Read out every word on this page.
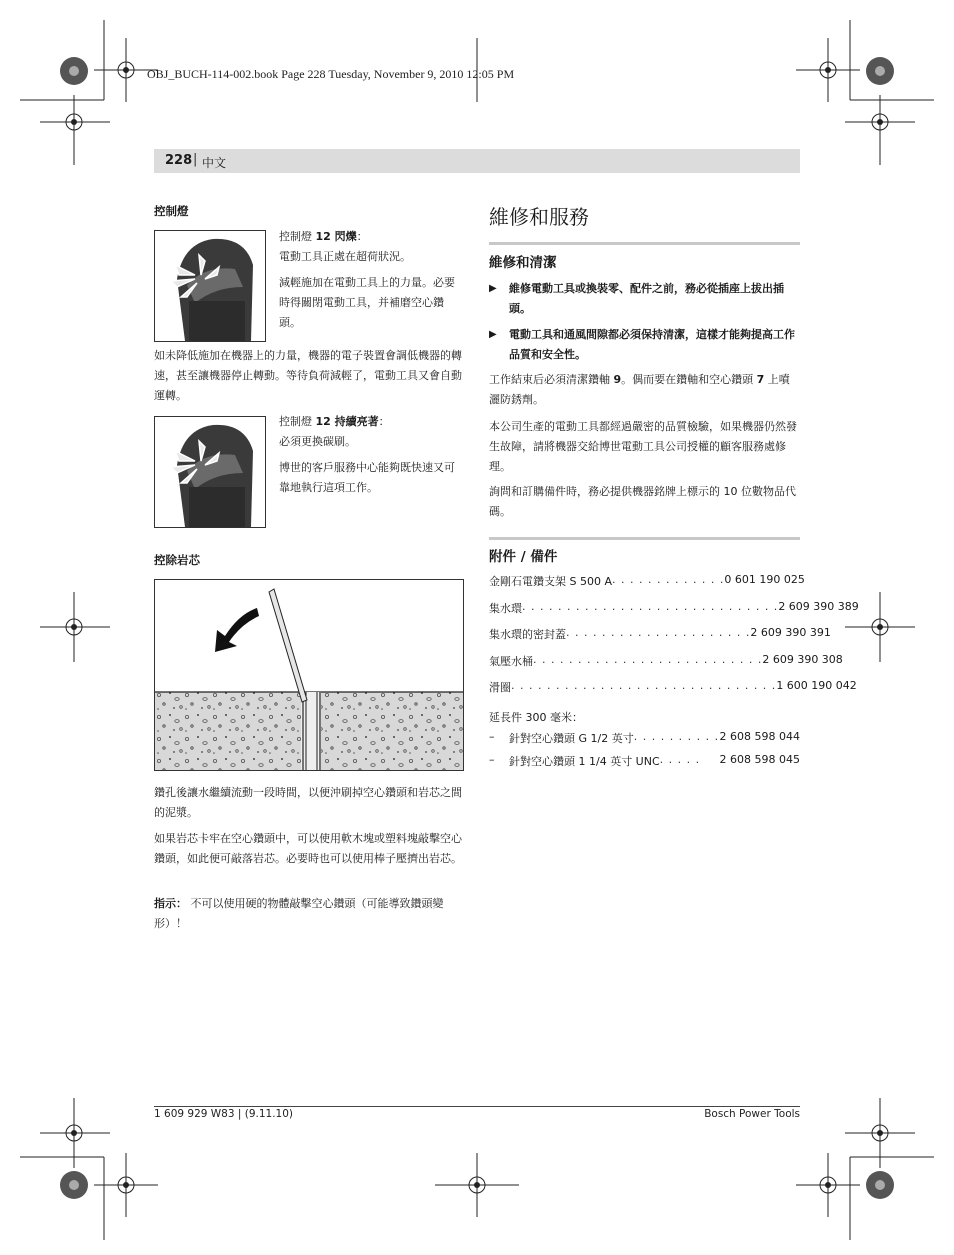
OBJ_BUCH-114-002.book Page 228 Tuesday, November 9, 2010 12:05 PM
228 | 中文
控制燈
控制燈 12 閃爍：
電動工具正處在超荷狀況。
減輕施加在電動工具上的力量。必要時得關閉電動工具，并補磨空心鑽頭。
如未降低施加在機器上的力量，機器的電子裝置會調低機器的轉速，甚至讓機器停止轉動。等待負荷減輕了，電動工具又會自動運轉。
控制燈 12 持續亮著：
必須更換碳刷。
博世的客戶服務中心能夠既快速又可靠地執行這項工作。
控除岩芯
鑽孔後讓水繼續流動一段時間，以便沖刷掉空心鑽頭和岩芯之間的泥漿。
如果岩芯卡牢在空心鑽頭中，可以使用軟木塊或塑料塊敲擊空心鑽頭，如此便可敲落岩芯。必要時也可以使用棒子壓擠出岩芯。
指示： 不可以使用硬的物體敲擊空心鑽頭（可能導致鑽頭變形）！
維修和服務
維修和清潔
▶ 維修電動工具或換裝零、配件之前，務必從插座上拔出插頭。
▶ 電動工具和通風間隙都必須保持清潔，這樣才能夠提高工作品質和安全性。
工作結束后必須清潔鑽軸 9。偶而要在鑽軸和空心鑽頭 7 上噴灑防銹劑。
本公司生產的電動工具都經過嚴密的品質檢驗，如果機器仍然發生故障，請將機器交給博世電動工具公司授權的顧客服務處修理。
詢問和訂購備件時，務必提供機器銘牌上標示的 10 位數物品代碼。
附件 / 備件
金剛石電鑽支架 S 500 A . . . . . . . . . . . . . 0 601 190 025
集水環 . . . . . . . . . . . . . . . . . . . . . . . . . . . . . 2 609 390 389
集水環的密封蓋 . . . . . . . . . . . . . . . . . . . . . 2 609 390 391
氣壓水桶 . . . . . . . . . . . . . . . . . . . . . . . . . . 2 609 390 308
滑圈 . . . . . . . . . . . . . . . . . . . . . . . . . . . . . . 1 600 190 042
延長件 300 毫米：
–	針對空心鑽頭 G 1/2 英寸 . . . . . . . . . . 2 608 598 044
–	針對空心鑽頭 1 1/4 英寸 UNC . . . . .	2 608 598 045
1 609 929 W83 | (9.11.10)	Bosch Power Tools
